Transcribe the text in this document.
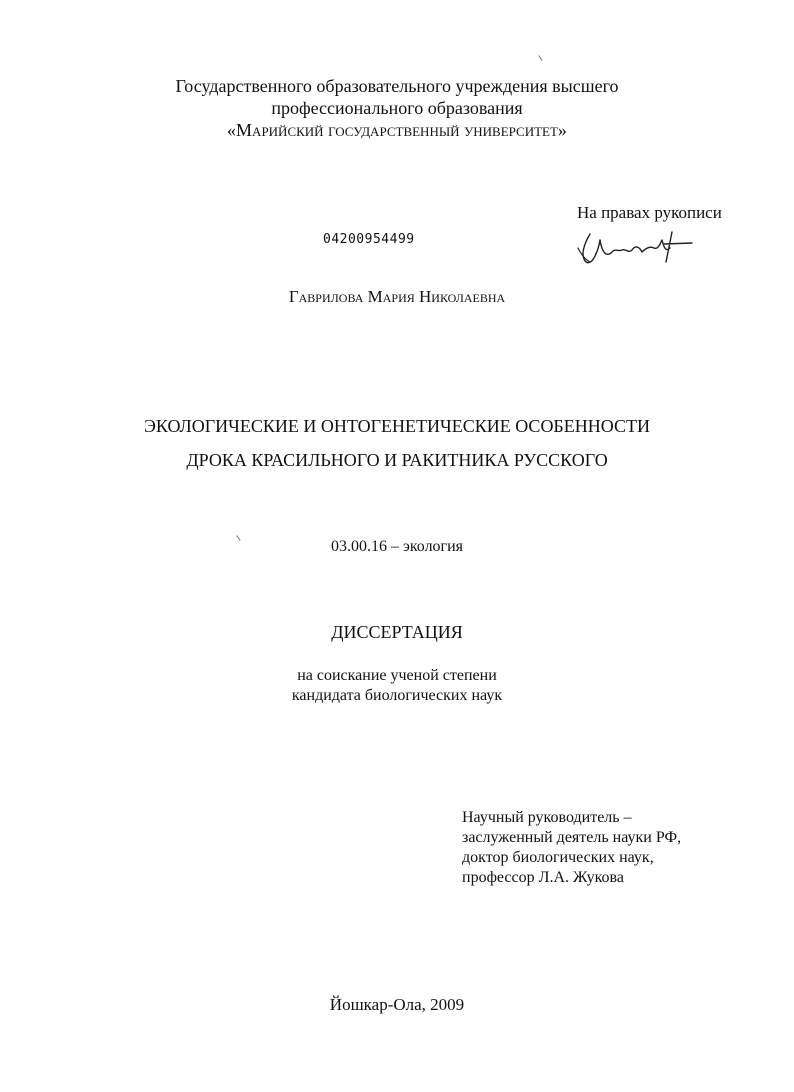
Государственного образовательного учреждения высшего
профессионального образования
«Марийский государственный университет»
На правах рукописи
04200954499
Гаврилова Мария Николаевна
ЭКОЛОГИЧЕСКИЕ И ОНТОГЕНЕТИЧЕСКИЕ ОСОБЕННОСТИ
ДРОКА КРАСИЛЬНОГО И РАКИТНИКА РУССКОГО
03.00.16 – экология
ДИССЕРТАЦИЯ
на соискание ученой степени
кандидата биологических наук
Научный руководитель –
заслуженный деятель науки РФ,
доктор биологических наук,
профессор Л.А. Жукова
Йошкар-Ола, 2009
